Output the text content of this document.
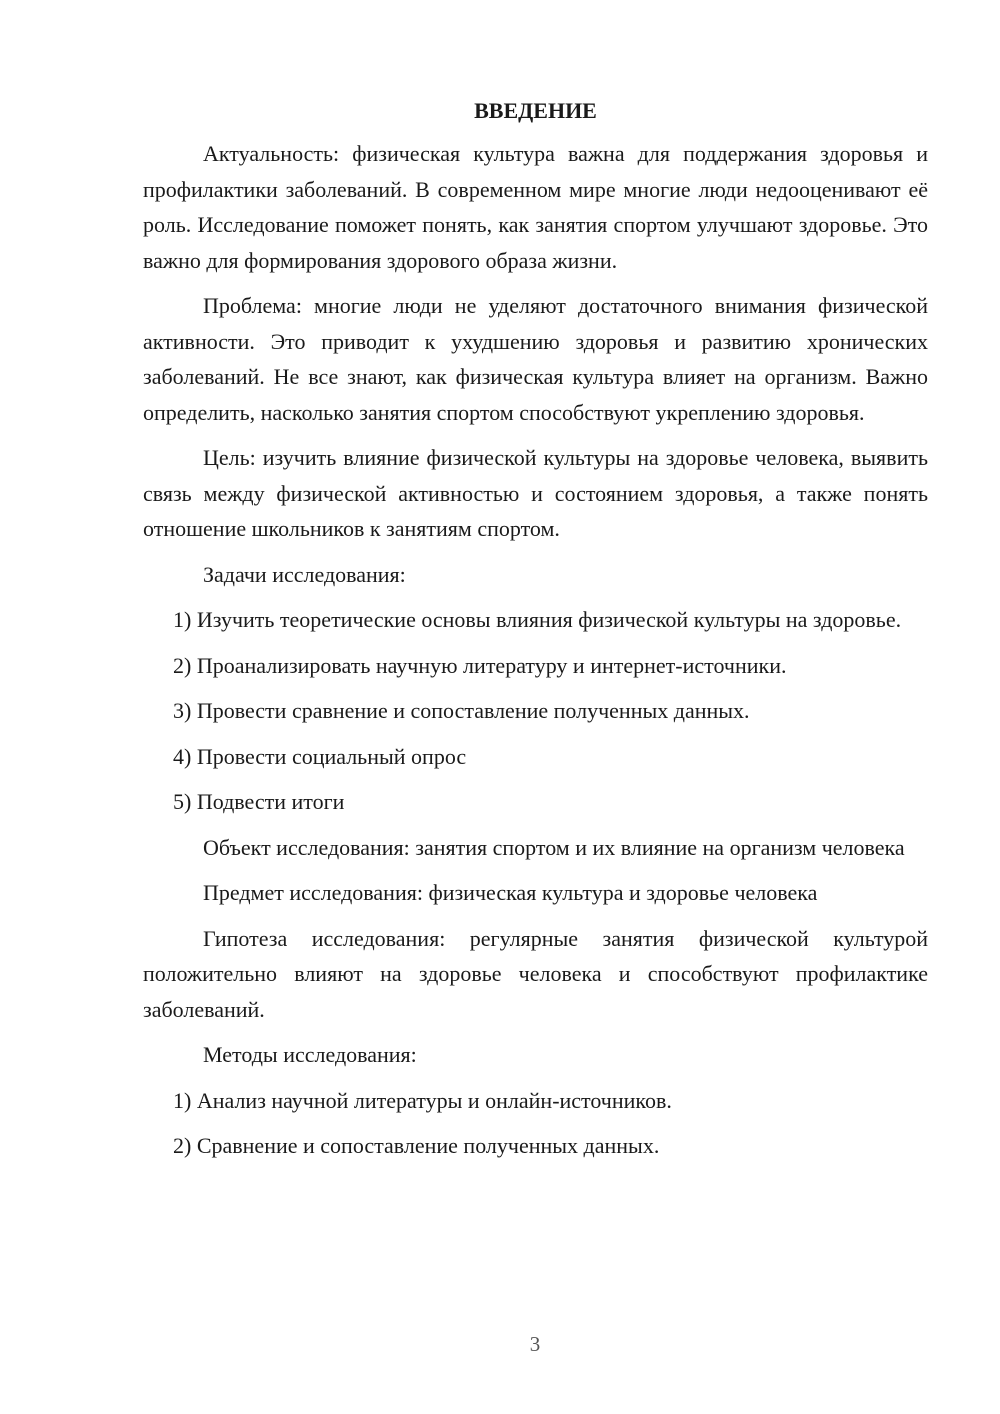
ВВЕДЕНИЕ

Актуальность: физическая культура важна для поддержания здоровья и профилактики заболеваний. В современном мире многие люди недооценивают её роль. Исследование поможет понять, как занятия спортом улучшают здоровье. Это важно для формирования здорового образа жизни.

Проблема: многие люди не уделяют достаточного внимания физической активности. Это приводит к ухудшению здоровья и развитию хронических заболеваний. Не все знают, как физическая культура влияет на организм. Важно определить, насколько занятия спортом способствуют укреплению здоровья.

Цель: изучить влияние физической культуры на здоровье человека, выявить связь между физической активностью и состоянием здоровья, а также понять отношение школьников к занятиям спортом.

Задачи исследования:

1) Изучить теоретические основы влияния физической культуры на здоровье.

2) Проанализировать научную литературу и интернет-источники.

3) Провести сравнение и сопоставление полученных данных.

4) Провести социальный опрос

5) Подвести итоги

Объект исследования: занятия спортом и их влияние на организм человека

Предмет исследования: физическая культура и здоровье человека

Гипотеза исследования: регулярные занятия физической культурой положительно влияют на здоровье человека и способствуют профилактике заболеваний.

Методы исследования:

1) Анализ научной литературы и онлайн-источников.

2) Сравнение и сопоставление полученных данных.

3
